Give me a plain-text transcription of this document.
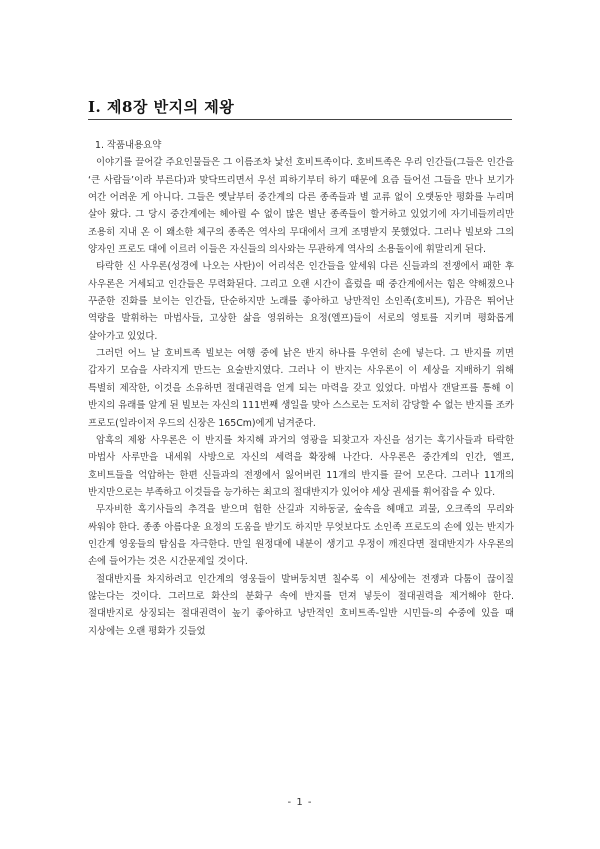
Ⅰ. 제8장 반지의 제왕
1. 작품내용요약

이야기를 끌어갈 주요인물들은 그 이름조차 낯선 호비트족이다. 호비트족은 우리 인간들(그들은 인간을 ‘큰 사람들’이라 부른다)과 맞닥뜨리면서 우선 피하기부터 하기 때문에 요즘 들어선 그들을 만나 보기가 여간 어려운 게 아니다. 그들은 옛날부터 중간계의 다른 종족들과 별 교류 없이 오랫동안 평화를 누리며 살아 왔다. 그 당시 중간계에는 헤아릴 수 없이 많은 별난 종족들이 할거하고 있었기에 자기네들끼리만 조용히 지내 온 이 왜소한 체구의 종족은 역사의 무대에서 크게 조명받지 못했었다. 그러나 빌보와 그의 양자인 프로도 대에 이르러 이들은 자신들의 의사와는 무관하게 역사의 소용돌이에 휘말리게 된다.

타락한 신 사우론(성경에 나오는 사탄)이 어리석은 인간들을 앞세워 다른 신들과의 전쟁에서 패한 후 사우론은 거세되고 인간들은 무력화된다. 그리고 오랜 시간이 흘렀을 때 중간계에서는 힘은 약해졌으나 꾸준한 진화를 보이는 인간들, 단순하지만 노래를 좋아하고 낭만적인 소인족(호비트), 가끔은 뛰어난 역량을 발휘하는 마법사들, 고상한 삶을 영위하는 요정(엘프)들이 서로의 영토를 지키며 평화롭게 살아가고 있었다.

그러던 어느 날 호비트족 빌보는 여행 중에 낡은 반지 하나를 우연히 손에 넣는다. 그 반지를 끼면 갑자기 모습을 사라지게 만드는 요술반지였다. 그러나 이 반지는 사우론이 이 세상을 지배하기 위해 특별히 제작한, 이것을 소유하면 절대권력을 얻게 되는 마력을 갖고 있었다. 마법사 갠달프를 통해 이 반지의 유래를 알게 된 빌보는 자신의 111번째 생일을 맞아 스스로는 도저히 감당할 수 없는 반지를 조카 프로도(일라이저 우드의 신장은 165Cm)에게 넘겨준다.

암흑의 제왕 사우론은 이 반지를 차지해 과거의 영광을 되찾고자 자신을 섬기는 흑기사들과 타락한 마법사 사루만을 내세워 사방으로 자신의 세력을 확장해 나간다. 사우론은 중간계의 인간, 엘프, 호비트들을 억압하는 한편 신들과의 전쟁에서 잃어버린 11개의 반지를 끌어 모은다. 그러나 11개의 반지만으로는 부족하고 이것들을 능가하는 최고의 절대반지가 있어야 세상 권세를 휘어잡을 수 있다.

무자비한 흑기사들의 추격을 받으며 험한 산길과 지하동굴, 숲속을 헤매고 괴물, 오크족의 무리와 싸워야 한다. 종종 아름다운 요정의 도움을 받기도 하지만 무엇보다도 소인족 프로도의 손에 있는 반지가 인간계 영웅들의 탐심을 자극한다. 만일 원정대에 내분이 생기고 우정이 깨진다면 절대반지가 사우론의 손에 들어가는 것은 시간문제일 것이다.

절대반지를 차지하려고 인간계의 영웅들이 발버둥치면 칠수록 이 세상에는 전쟁과 다툼이 끊이질 않는다는 것이다. 그러므로 화산의 분화구 속에 반지를 던져 넣듯이 절대권력을 제거해야 한다. 절대반지로 상징되는 절대권력이 높기 좋아하고 낭만적인 호비트족-일반 시민들-의 수중에 있을 때 지상에는 오랜 평화가 깃들었

- 1 -
